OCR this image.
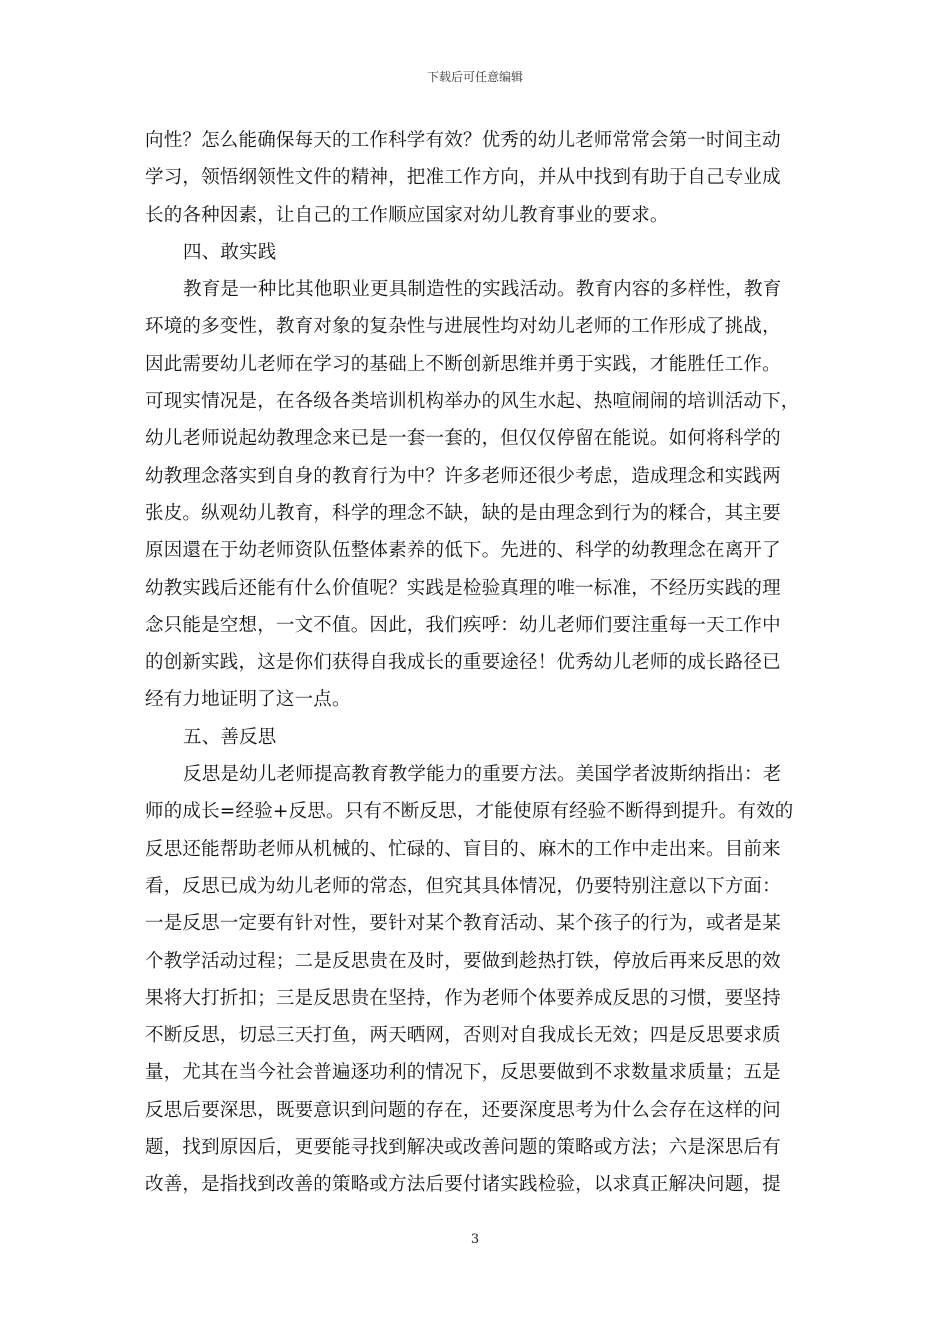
下载后可任意编辑
向性？怎么能确保每天的工作科学有效？优秀的幼儿老师常常会第一时间主动
学习，领悟纲领性文件的精神，把准工作方向，并从中找到有助于自己专业成
长的各种因素，让自己的工作顺应国家对幼儿教育事业的要求。
四、敢实践
教育是一种比其他职业更具制造性的实践活动。教育内容的多样性，教育
环境的多变性，教育对象的复杂性与进展性均对幼儿老师的工作形成了挑战，
因此需要幼儿老师在学习的基础上不断创新思维并勇于实践，才能胜任工作。
可现实情况是，在各级各类培训机构举办的风生水起、热喧闹闹的培训活动下，
幼儿老师说起幼教理念来已是一套一套的，但仅仅停留在能说。如何将科学的
幼教理念落实到自身的教育行为中？许多老师还很少考虑，造成理念和实践两
张皮。纵观幼儿教育，科学的理念不缺，缺的是由理念到行为的糅合，其主要
原因還在于幼老师资队伍整体素养的低下。先进的、科学的幼教理念在离开了
幼教实践后还能有什么价值呢？实践是检验真理的唯一标准，不经历实践的理
念只能是空想，一文不值。因此，我们疾呼：幼儿老师们要注重每一天工作中
的创新实践，这是你们获得自我成长的重要途径！优秀幼儿老师的成长路径已
经有力地证明了这一点。
五、善反思
反思是幼儿老师提高教育教学能力的重要方法。美国学者波斯纳指出：老
师的成长=经验+反思。只有不断反思，才能使原有经验不断得到提升。有效的
反思还能帮助老师从机械的、忙碌的、盲目的、麻木的工作中走出来。目前来
看，反思已成为幼儿老师的常态，但究其具体情况，仍要特别注意以下方面：
一是反思一定要有针对性，要针对某个教育活动、某个孩子的行为，或者是某
个教学活动过程；二是反思贵在及时，要做到趁热打铁，停放后再来反思的效
果将大打折扣；三是反思贵在坚持，作为老师个体要养成反思的习惯，要坚持
不断反思，切忌三天打鱼，两天晒网，否则对自我成长无效；四是反思要求质
量，尤其在当今社会普遍逐功利的情况下，反思要做到不求数量求质量；五是
反思后要深思，既要意识到问题的存在，还要深度思考为什么会存在这样的问
题，找到原因后，更要能寻找到解决或改善问题的策略或方法；六是深思后有
改善，是指找到改善的策略或方法后要付诸实践检验，以求真正解决问题，提
3
